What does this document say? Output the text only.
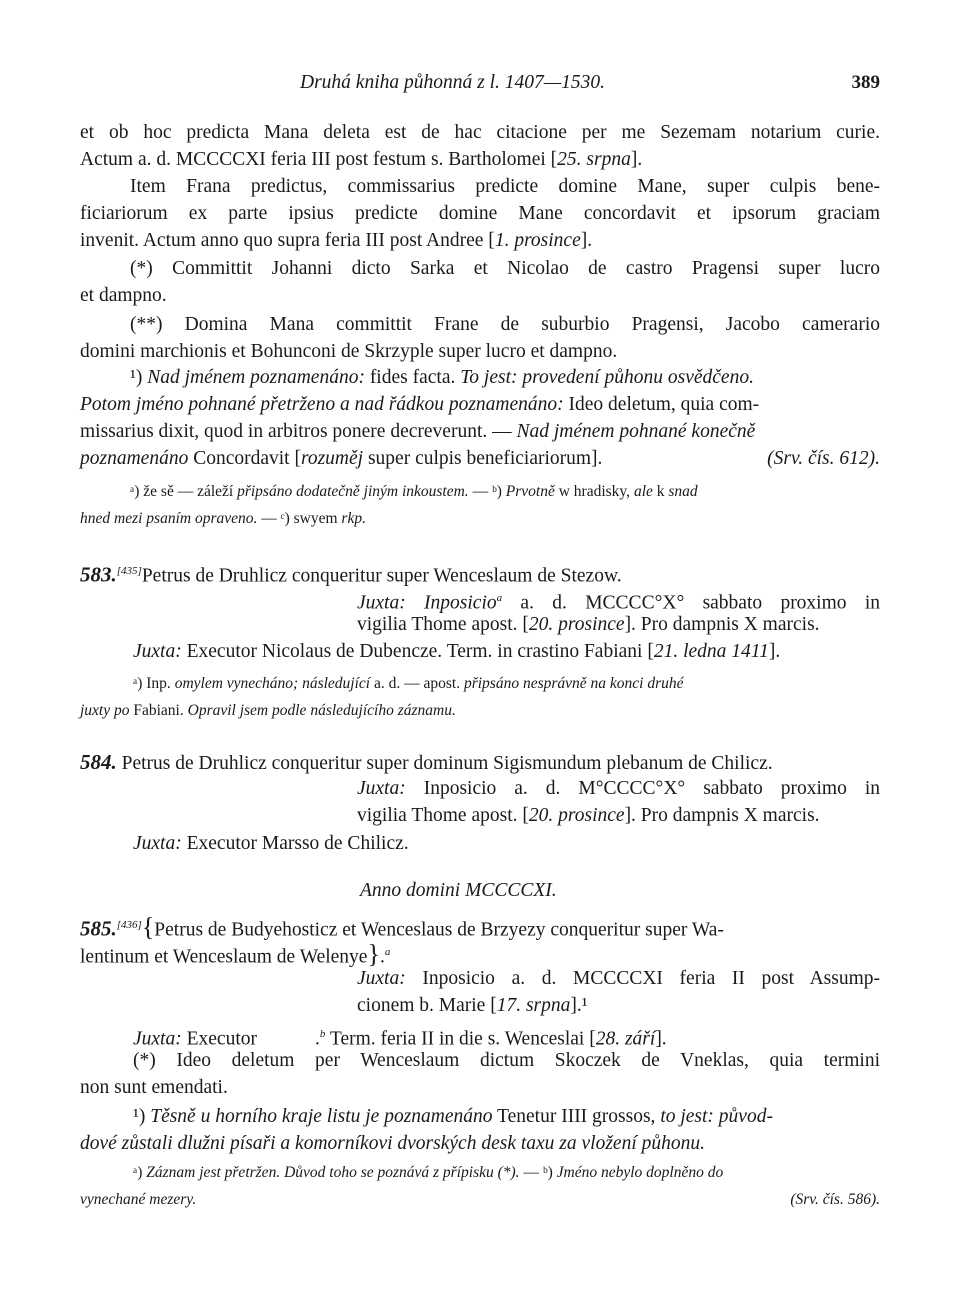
Druhá kniha půhonná z l. 1407—1530.	389
et ob hoc predicta Mana deleta est de hac citacione per me Sezemam notarium curie.
Actum a. d. MCCCCXI feria III post festum s. Bartholomei [25. srpna].
Item Frana predictus, commissarius predicte domine Mane, super culpis bene-
ficiariorum ex parte ipsius predicte domine Mane concordavit et ipsorum graciam
invenit. Actum anno quo supra feria III post Andree [1. prosince].
(*) Committit Johanni dicto Sarka et Nicolao de castro Pragensi super lucro
et dampno.
(**) Domina Mana committit Frane de suburbio Pragensi, Jacobo camerario
domini marchionis et Bohunconi de Skrzyple super lucro et dampno.
¹) Nad jménem poznamenáno: fides facta. To jest: provedení půhonu osvědčeno.
Potom jméno pohnané přetrženo a nad řádkou poznamenáno: Ideo deletum, quia com-
missarius dixit, quod in arbitros ponere decreverunt. — Nad jménem pohnané konečně
poznamenáno Concordavit [rozuměj super culpis beneficiariorum].	(Srv. čís. 612).
ᵃ) že sě — záleží připsáno dodatečně jiným inkoustem. — ᵇ) Prvotně w hradisky, ale k snad
hned mezi psaním opraveno. — ᶜ) swyem rkp.
583.[435]Petrus de Druhlicz conqueritur super Wenceslaum de Stezow.
Juxta: Inposicio$^a$ a. d. MCCCC°X° sabbato proximo in
vigilia Thome apost. [20. prosince]. Pro dampnis X marcis.
Juxta: Executor Nicolaus de Dubencze. Term. in crastino Fabiani [21. ledna 1411].
ᵃ) Inp. omylem vynecháno; následující a. d. — apost. připsáno nesprávně na konci druhé
juxty po Fabiani. Opravil jsem podle následujícího záznamu.
584. Petrus de Druhlicz conqueritur super dominum Sigismundum plebanum de Chilicz.
Juxta: Inposicio a. d. M°CCCC°X° sabbato proximo in
vigilia Thome apost. [20. prosince]. Pro dampnis X marcis.
Juxta: Executor Marsso de Chilicz.
Anno domini MCCCCXI.
585.[436]{Petrus de Budyehosticz et Wenceslaus de Brzyezy conqueritur super Wa-
lentinum et Wenceslaum de Welenye}.$^a$
Juxta: Inposicio a. d. MCCCCXI feria II post Assump-
cionem b. Marie [17. srpna].¹
Juxta: Executor	.$^b$ Term. feria II in die s. Wenceslai [28. září].
(*) Ideo deletum per Wenceslaum dictum Skoczek de Vneklas, quia termini
non sunt emendati.
¹) Těsně u horního kraje listu je poznamenáno Tenetur IIII grossos, to jest: původ-
dové zůstali dlužni písaři a komorníkovi dvorských desk taxu za vložení půhonu.
ᵃ) Záznam jest přetržen. Důvod toho se poznává z přípisku (*). — ᵇ) Jméno nebylo doplněno do
vynechané mezery.	(Srv. čís. 586).
